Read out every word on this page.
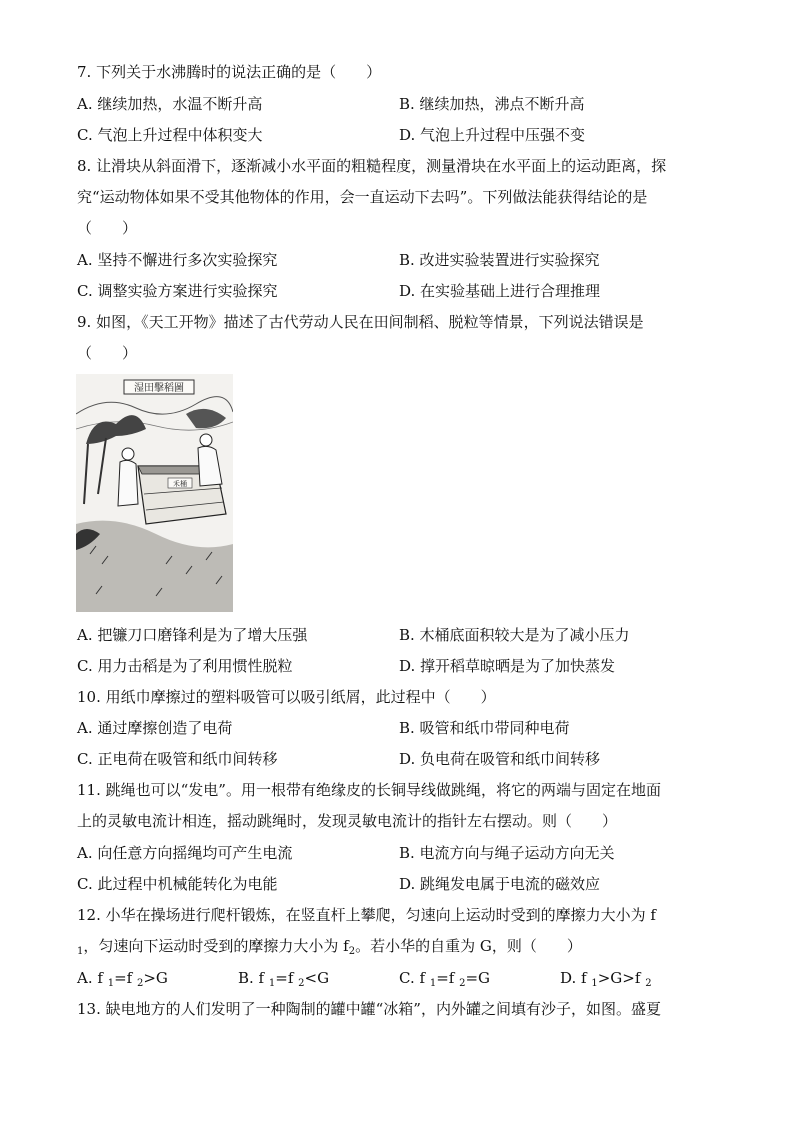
7. 下列关于水沸腾时的说法正确的是（　　）
A. 继续加热，水温不断升高	B. 继续加热，沸点不断升高
C. 气泡上升过程中体积变大	D. 气泡上升过程中压强不变
8. 让滑块从斜面滑下，逐渐减小水平面的粗糙程度，测量滑块在水平面上的运动距离，探
究“运动物体如果不受其他物体的作用，会一直运动下去吗”。下列做法能获得结论的是
（　　）
A. 坚持不懈进行多次实验探究	B. 改进实验装置进行实验探究
C. 调整实验方案进行实验探究	D. 在实验基础上进行合理推理
9. 如图，《天工开物》描述了古代劳动人民在田间制稻、脱粒等情景，下列说法错误是
（　　）
湿田擊稻圖
禾桶
A. 把镰刀口磨锋利是为了增大压强	B. 木桶底面积较大是为了减小压力
C. 用力击稻是为了利用惯性脱粒	D. 撑开稻草晾晒是为了加快蒸发
10. 用纸巾摩擦过的塑料吸管可以吸引纸屑，此过程中（　　）
A. 通过摩擦创造了电荷	B. 吸管和纸巾带同种电荷
C. 正电荷在吸管和纸巾间转移	D. 负电荷在吸管和纸巾间转移
11. 跳绳也可以“发电”。用一根带有绝缘皮的长铜导线做跳绳，将它的两端与固定在地面
上的灵敏电流计相连，摇动跳绳时，发现灵敏电流计的指针左右摆动。则（　　）
A. 向任意方向摇绳均可产生电流	B. 电流方向与绳子运动方向无关
C. 此过程中机械能转化为电能	D. 跳绳发电属于电流的磁效应
12. 小华在操场进行爬杆锻炼，在竖直杆上攀爬，匀速向上运动时受到的摩擦力大小为 f
$_1$，匀速向下运动时受到的摩擦力大小为 $f_2$。若小华的自重为 G，则（　　）
A. f $_1$=f $_2$>G	B. f $_1$=f $_2$<G	C. f $_1$=f $_2$=G	D. f $_1$>G>f $_2$
13. 缺电地方的人们发明了一种陶制的罐中罐“冰箱”，内外罐之间填有沙子，如图。盛夏
